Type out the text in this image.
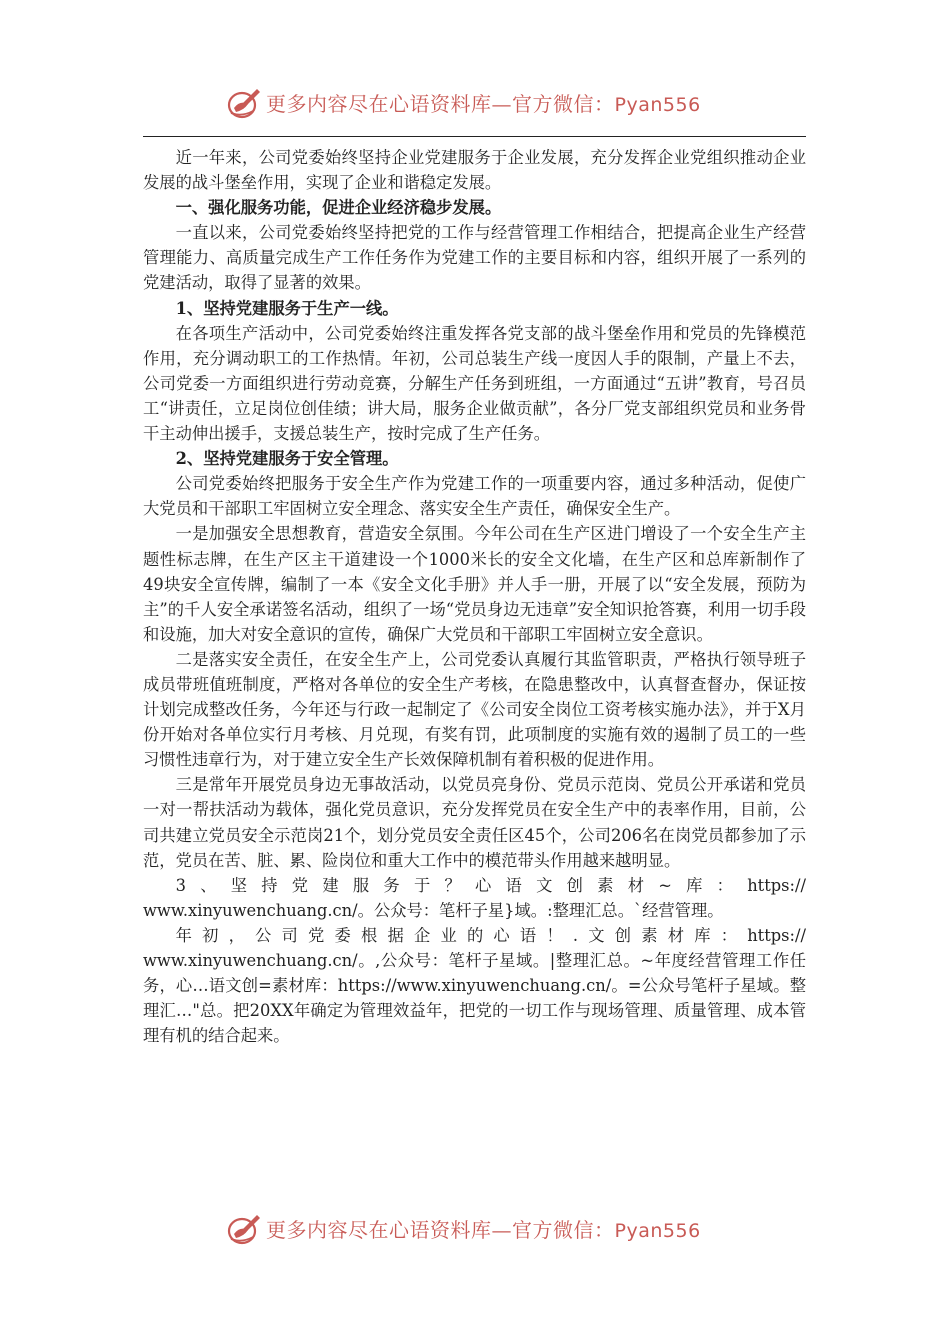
更多内容尽在心语资料库—官方微信：Pyan556

近一年来，公司党委始终坚持企业党建服务于企业发展，充分发挥企业党组织推动企业发展的战斗堡垒作用，实现了企业和谐稳定发展。

一、强化服务功能，促进企业经济稳步发展。

一直以来，公司党委始终坚持把党的工作与经营管理工作相结合，把提高企业生产经营管理能力、高质量完成生产工作任务作为党建工作的主要目标和内容，组织开展了一系列的党建活动，取得了显著的效果。

1、坚持党建服务于生产一线。

在各项生产活动中，公司党委始终注重发挥各党支部的战斗堡垒作用和党员的先锋模范作用，充分调动职工的工作热情。年初，公司总装生产线一度因人手的限制，产量上不去，公司党委一方面组织进行劳动竞赛，分解生产任务到班组，一方面通过“五讲”教育，号召员工“讲责任，立足岗位创佳绩；讲大局，服务企业做贡献”，各分厂党支部组织党员和业务骨干主动伸出援手，支援总装生产，按时完成了生产任务。

2、坚持党建服务于安全管理。

公司党委始终把服务于安全生产作为党建工作的一项重要内容，通过多种活动，促使广大党员和干部职工牢固树立安全理念、落实安全生产责任，确保安全生产。

一是加强安全思想教育，营造安全氛围。今年公司在生产区进门增设了一个安全生产主题性标志牌，在生产区主干道建设一个1000米长的安全文化墙，在生产区和总库新制作了49块安全宣传牌，编制了一本《安全文化手册》并人手一册，开展了以“安全发展，预防为主”的千人安全承诺签名活动，组织了一场“党员身边无违章”安全知识抢答赛，利用一切手段和设施，加大对安全意识的宣传，确保广大党员和干部职工牢固树立安全意识。

二是落实安全责任，在安全生产上，公司党委认真履行其监管职责，严格执行领导班子成员带班值班制度，严格对各单位的安全生产考核，在隐患整改中，认真督查督办，保证按计划完成整改任务，今年还与行政一起制定了《公司安全岗位工资考核实施办法》，并于X月份开始对各单位实行月考核、月兑现，有奖有罚，此项制度的实施有效的遏制了员工的一些习惯性违章行为，对于建立安全生产长效保障机制有着积极的促进作用。

三是常年开展党员身边无事故活动，以党员亮身份、党员示范岗、党员公开承诺和党员一对一帮扶活动为载体，强化党员意识，充分发挥党员在安全生产中的表率作用，目前，公司共建立党员安全示范岗21个，划分党员安全责任区45个，公司206名在岗党员都参加了示范，党员在苦、脏、累、险岗位和重大工作中的模范带头作用越来越明显。

3、坚持党建服务于？心语文创素材~库：https://

www.xinyuwenchuang.cn/。公众号：笔杆子星}域。:整理汇总。`经营管理。

年初，公司党委根据企业的心语！.文创素材库：https://

www.xinyuwenchuang.cn/。,公众号：笔杆子星域。|整理汇总。~年度经营管理工作任务，心…语文创=素材库：https://www.xinyuwenchuang.cn/。=公众号笔杆子星域。整理汇…"总。把20XX年确定为管理效益年，把党的一切工作与现场管理、质量管理、成本管理有机的结合起来。

更多内容尽在心语资料库—官方微信：Pyan556
